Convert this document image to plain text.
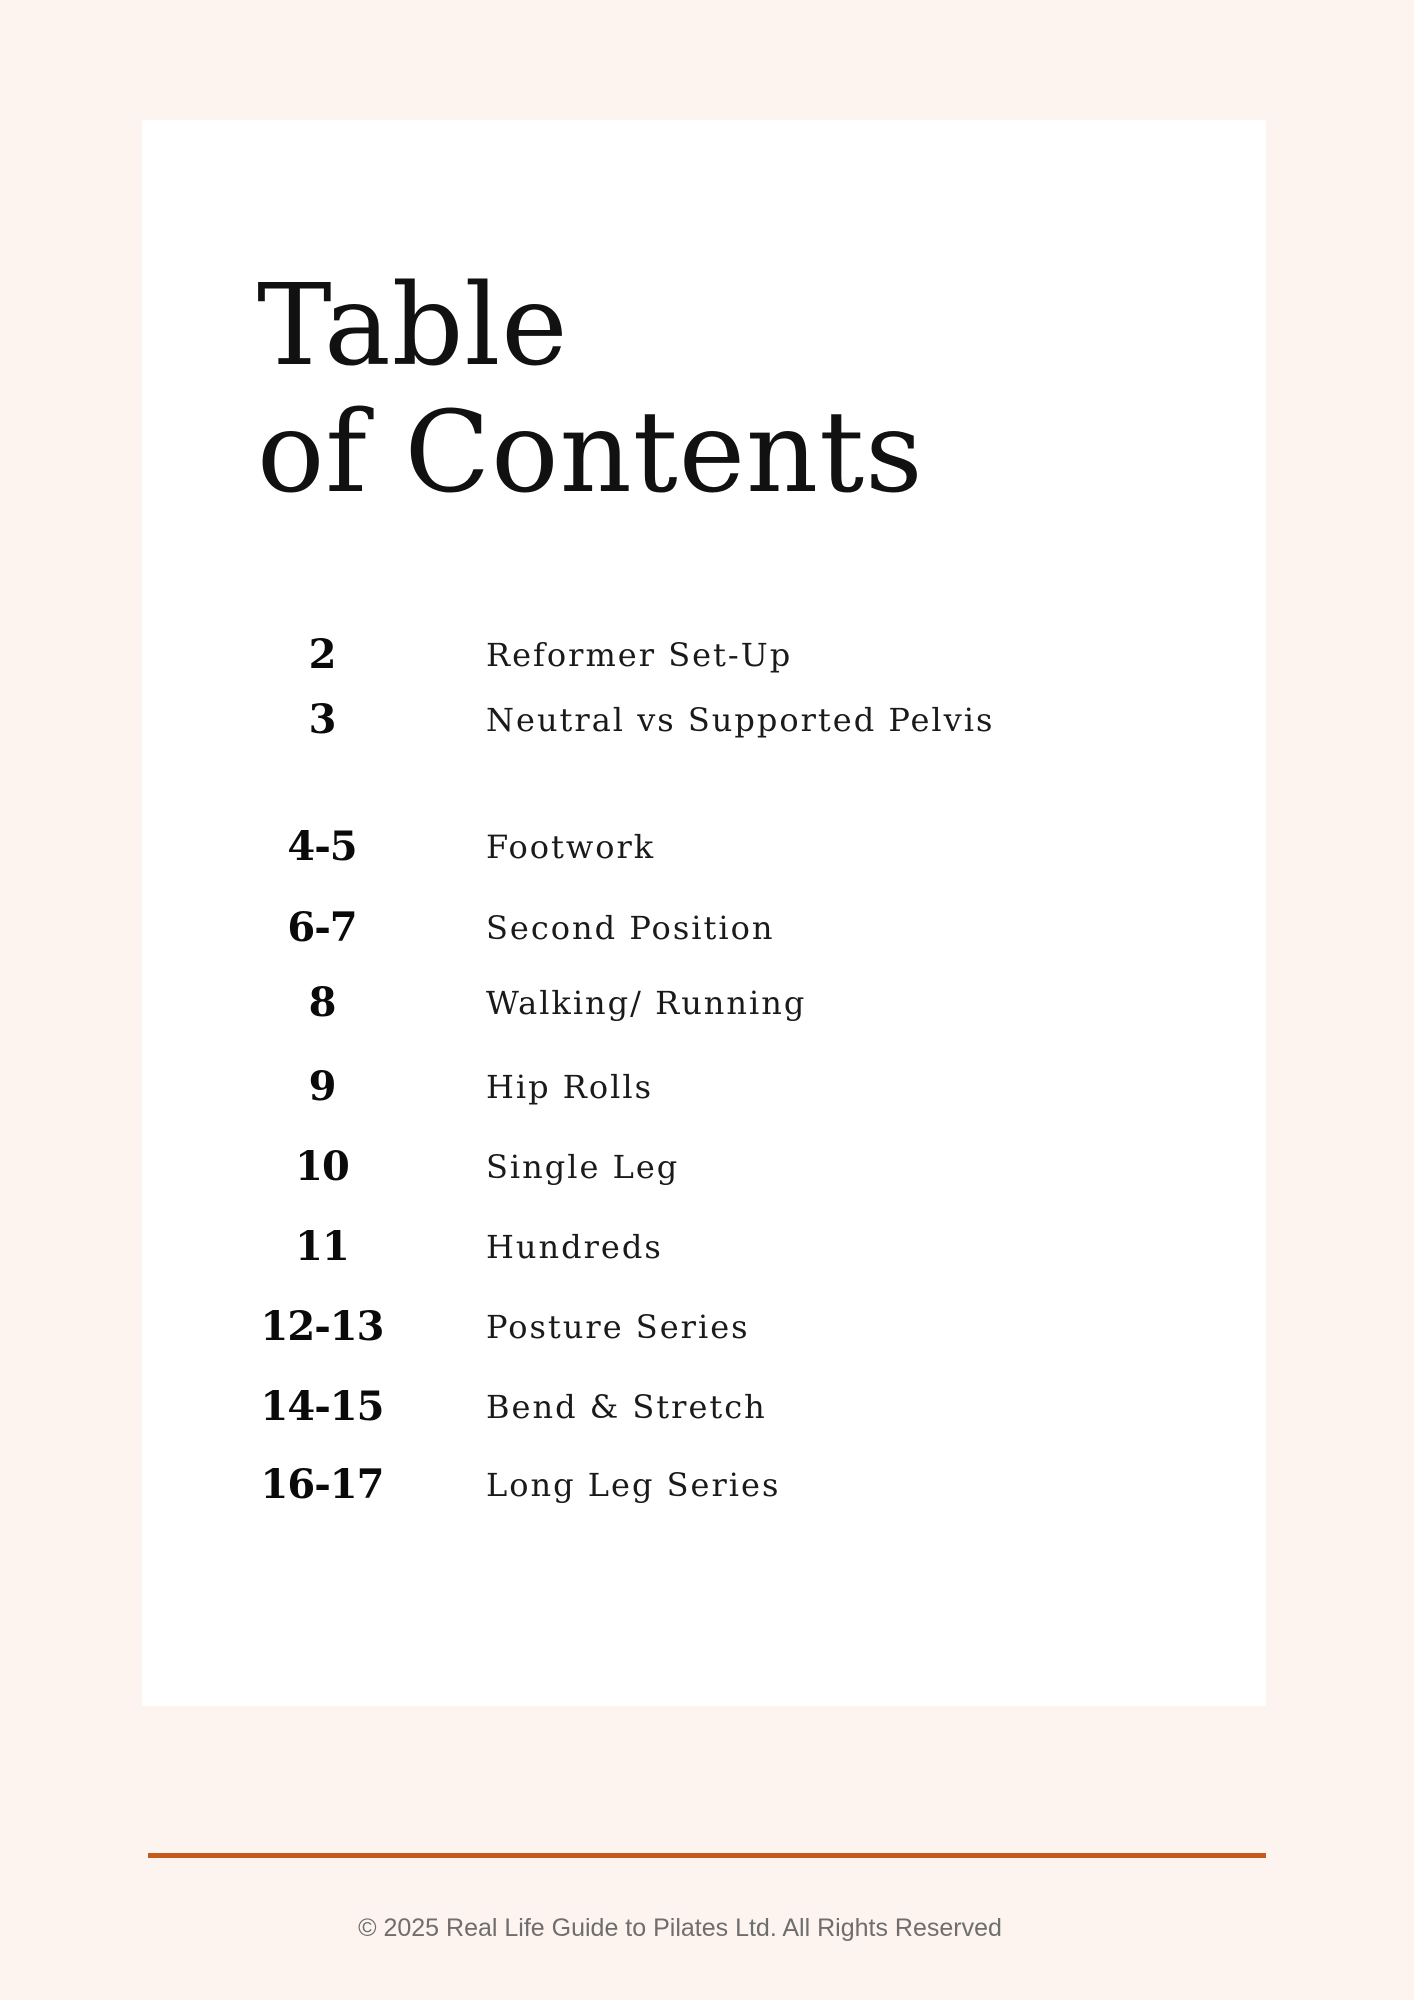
Table
of Contents
2	Reformer Set-Up
3	Neutral vs Supported Pelvis
4-5	Footwork
6-7	Second Position
8	Walking/ Running
9	Hip Rolls
10	Single Leg
11	Hundreds
12-13	Posture Series
14-15	Bend & Stretch
16-17	Long Leg Series
© 2025 Real Life Guide to Pilates Ltd. All Rights Reserved
